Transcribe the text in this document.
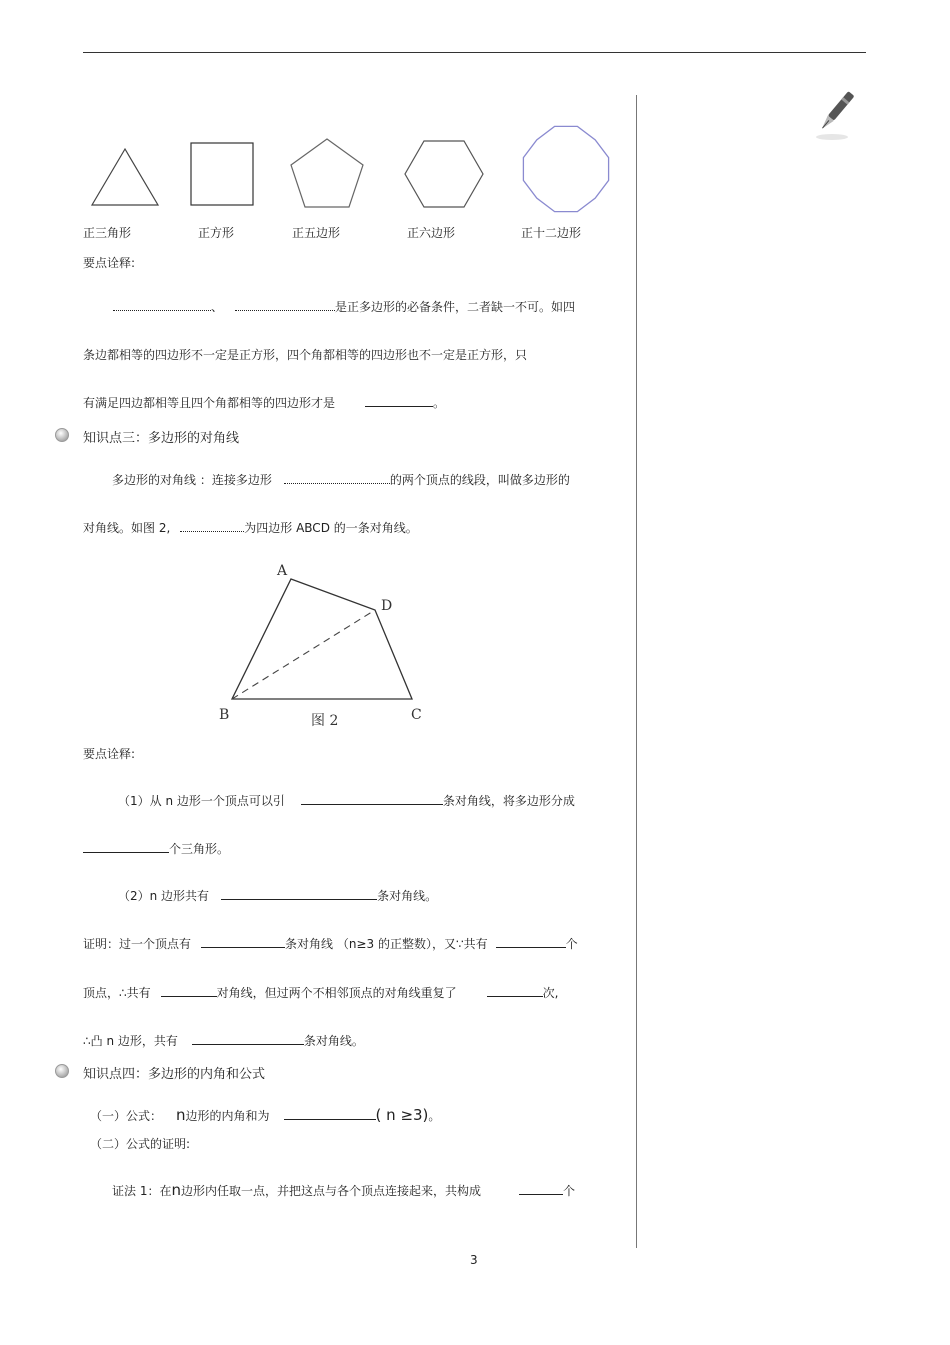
正三角形	正方形	正五边形	正六边形	正十二边形
要点诠释:
、	是正多边形的必备条件，二者缺一不可。如四
条边都相等的四边形不一定是正方形，四个角都相等的四边形也不一定是正方形，只
有满足四边都相等且四个角都相等的四边形才是	。
知识点三：多边形的对角线
多边形的对角线 ：连接多边形	的两个顶点的线段，叫做多边形的
对角线。如图 2,	为四边形 ABCD 的一条对角线。
A
D
B	C
图 2
要点诠释:
（1）从 n 边形一个顶点可以引	条对角线，将多边形分成
个三角形。
（2）n 边形共有	条对角线。
证明：过一个顶点有	条对角线 （n≥3 的正整数），又∵共有	个
顶点，∴共有	对角线，但过两个不相邻顶点的对角线重复了	次,
∴凸 n 边形，共有	条对角线。
知识点四：多边形的内角和公式
（一）公式： n边形的内角和为	( n ≥3)。
（二）公式的证明:
证法 1：在n边形内任取一点，并把这点与各个顶点连接起来，共构成	个
3
